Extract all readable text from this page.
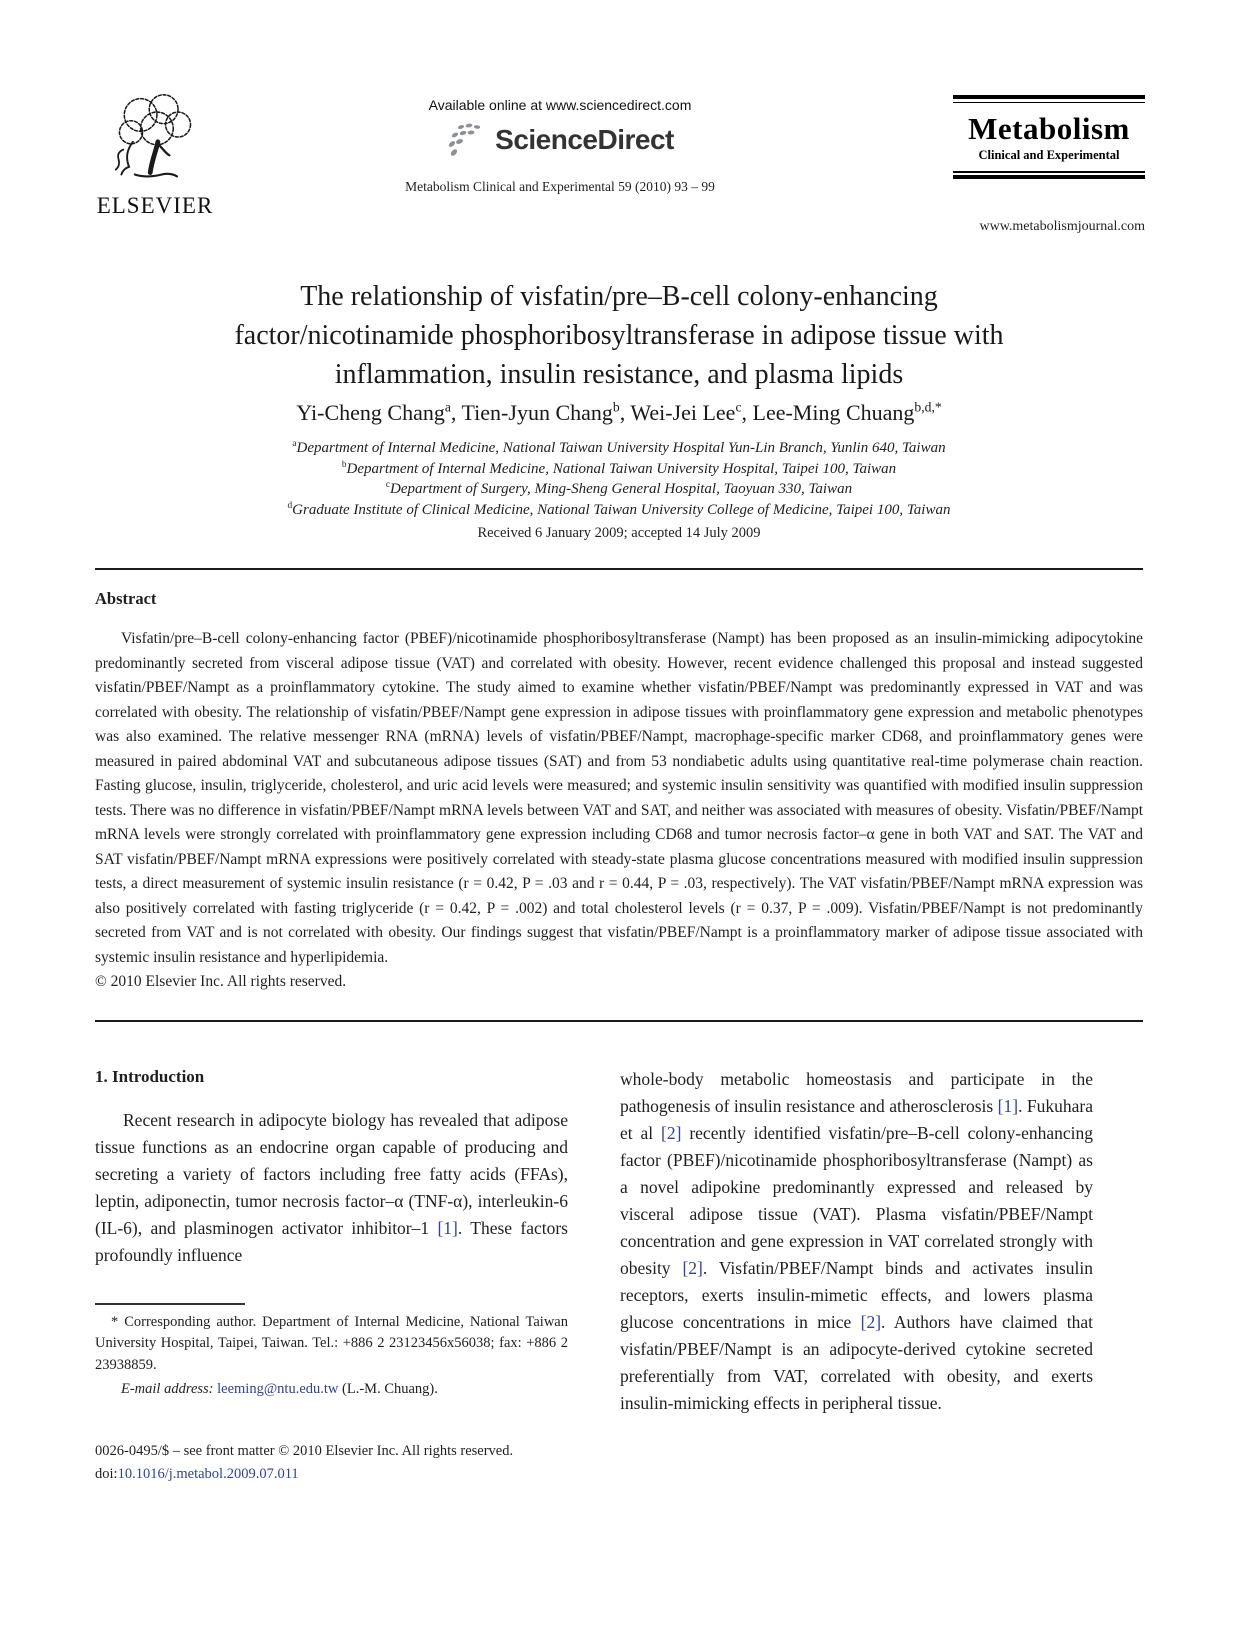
ELSEVIER
Available online at www.sciencedirect.com
ScienceDirect
Metabolism Clinical and Experimental 59 (2010) 93 – 99
Metabolism
Clinical and Experimental
www.metabolismjournal.com
The relationship of visfatin/pre–B-cell colony-enhancing
factor/nicotinamide phosphoribosyltransferase in adipose tissue with
inflammation, insulin resistance, and plasma lipids
Yi-Cheng Chang$^a$, Tien-Jyun Chang$^b$, Wei-Jei Lee$^c$, Lee-Ming Chuang$^{b,d,*}$
$^a$Department of Internal Medicine, National Taiwan University Hospital Yun-Lin Branch, Yunlin 640, Taiwan
$^b$Department of Internal Medicine, National Taiwan University Hospital, Taipei 100, Taiwan
$^c$Department of Surgery, Ming-Sheng General Hospital, Taoyuan 330, Taiwan
$^d$Graduate Institute of Clinical Medicine, National Taiwan University College of Medicine, Taipei 100, Taiwan
Received 6 January 2009; accepted 14 July 2009
Abstract
Visfatin/pre–B-cell colony-enhancing factor (PBEF)/nicotinamide phosphoribosyltransferase (Nampt) has been proposed as an insulin-mimicking adipocytokine predominantly secreted from visceral adipose tissue (VAT) and correlated with obesity. However, recent evidence challenged this proposal and instead suggested visfatin/PBEF/Nampt as a proinflammatory cytokine. The study aimed to examine whether visfatin/PBEF/Nampt was predominantly expressed in VAT and was correlated with obesity. The relationship of visfatin/PBEF/Nampt gene expression in adipose tissues with proinflammatory gene expression and metabolic phenotypes was also examined. The relative messenger RNA (mRNA) levels of visfatin/PBEF/Nampt, macrophage-specific marker CD68, and proinflammatory genes were measured in paired abdominal VAT and subcutaneous adipose tissues (SAT) and from 53 nondiabetic adults using quantitative real-time polymerase chain reaction. Fasting glucose, insulin, triglyceride, cholesterol, and uric acid levels were measured; and systemic insulin sensitivity was quantified with modified insulin suppression tests. There was no difference in visfatin/PBEF/Nampt mRNA levels between VAT and SAT, and neither was associated with measures of obesity. Visfatin/PBEF/Nampt mRNA levels were strongly correlated with proinflammatory gene expression including CD68 and tumor necrosis factor–α gene in both VAT and SAT. The VAT and SAT visfatin/PBEF/Nampt mRNA expressions were positively correlated with steady-state plasma glucose concentrations measured with modified insulin suppression tests, a direct measurement of systemic insulin resistance (r = 0.42, P = .03 and r = 0.44, P = .03, respectively). The VAT visfatin/PBEF/Nampt mRNA expression was also positively correlated with fasting triglyceride (r = 0.42, P = .002) and total cholesterol levels (r = 0.37, P = .009). Visfatin/PBEF/Nampt is not predominantly secreted from VAT and is not correlated with obesity. Our findings suggest that visfatin/PBEF/Nampt is a proinflammatory marker of adipose tissue associated with systemic insulin resistance and hyperlipidemia.
© 2010 Elsevier Inc. All rights reserved.
1. Introduction
Recent research in adipocyte biology has revealed that adipose tissue functions as an endocrine organ capable of producing and secreting a variety of factors including free fatty acids (FFAs), leptin, adiponectin, tumor necrosis factor–α (TNF-α), interleukin-6 (IL-6), and plasminogen activator inhibitor–1 [1]. These factors profoundly influence
whole-body metabolic homeostasis and participate in the pathogenesis of insulin resistance and atherosclerosis [1]. Fukuhara et al [2] recently identified visfatin/pre–B-cell colony-enhancing factor (PBEF)/nicotinamide phosphoribosyltransferase (Nampt) as a novel adipokine predominantly expressed and released by visceral adipose tissue (VAT). Plasma visfatin/PBEF/Nampt concentration and gene expression in VAT correlated strongly with obesity [2]. Visfatin/PBEF/Nampt binds and activates insulin receptors, exerts insulin-mimetic effects, and lowers plasma glucose concentrations in mice [2]. Authors have claimed that visfatin/PBEF/Nampt is an adipocyte-derived cytokine secreted preferentially from VAT, correlated with obesity, and exerts insulin-mimicking effects in peripheral tissue.
* Corresponding author. Department of Internal Medicine, National Taiwan University Hospital, Taipei, Taiwan. Tel.: +886 2 23123456x56038; fax: +886 2 23938859.
E-mail address: leeming@ntu.edu.tw (L.-M. Chuang).
0026-0495/$ – see front matter © 2010 Elsevier Inc. All rights reserved.
doi:10.1016/j.metabol.2009.07.011
